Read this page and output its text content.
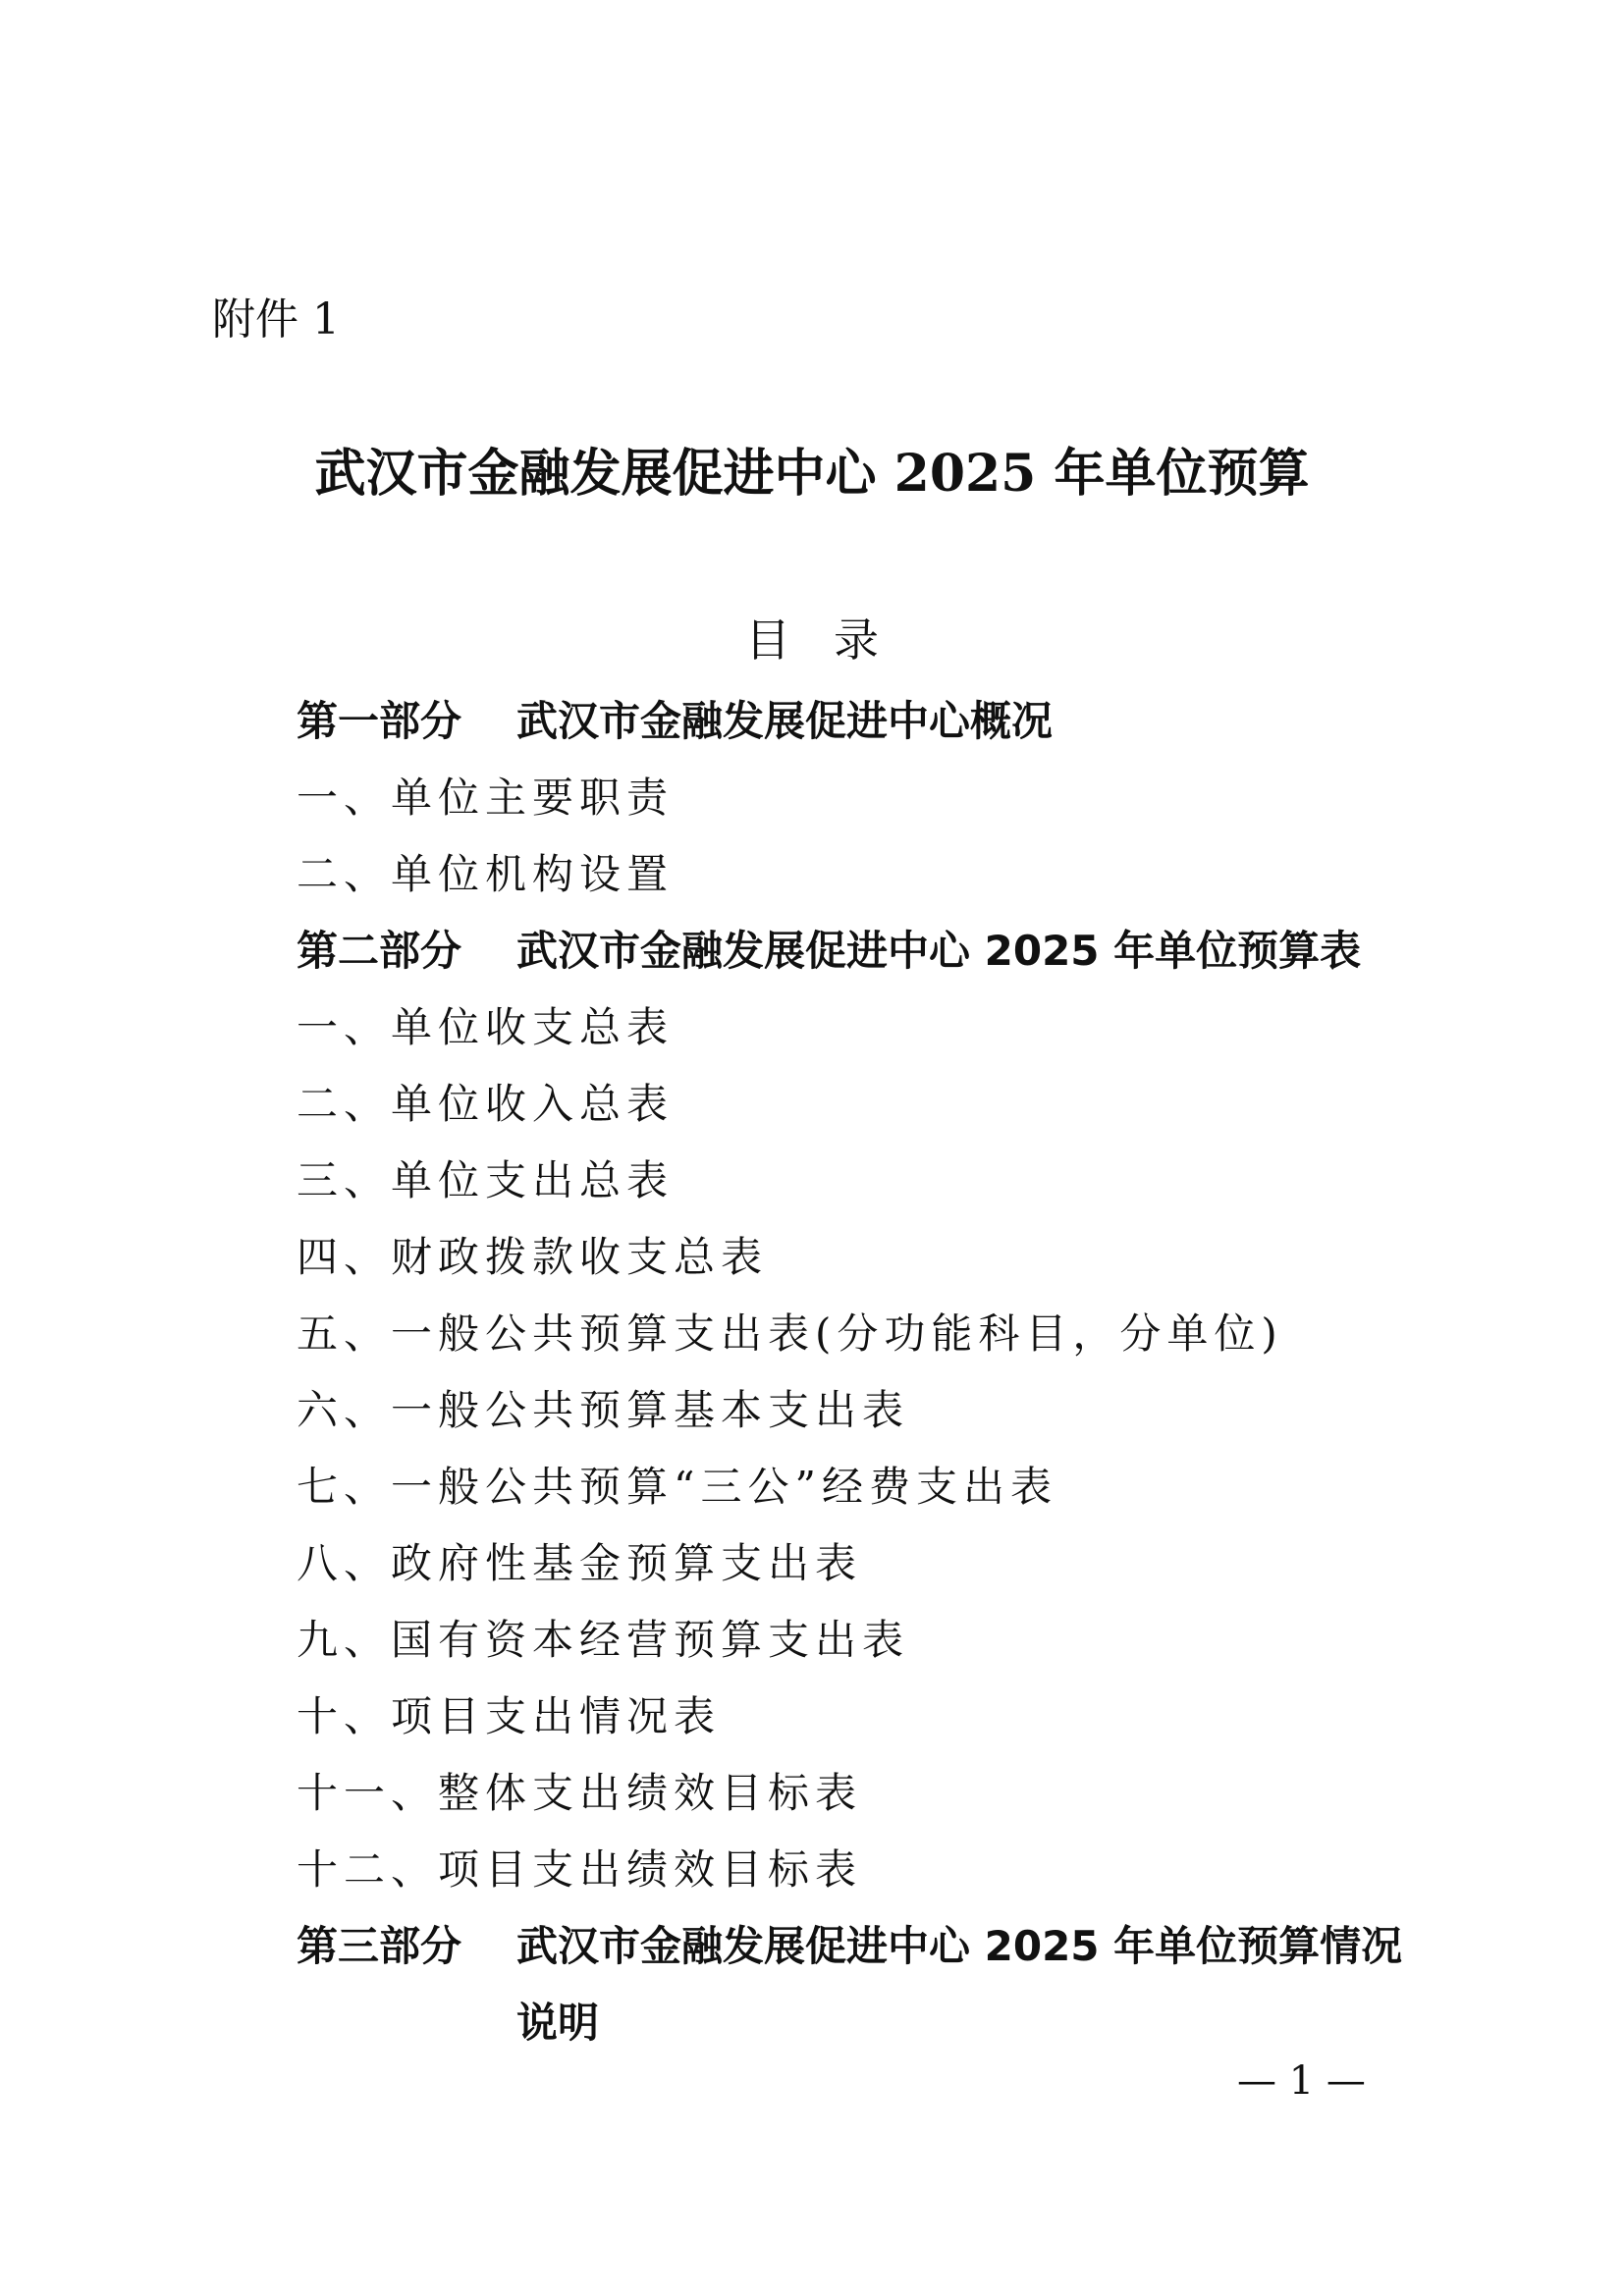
附件 1
武汉市金融发展促进中心 2025 年单位预算
目录
第一部分	武汉市金融发展促进中心概况
一、单位主要职责
二、单位机构设置
第二部分	武汉市金融发展促进中心 2025 年单位预算表
一、单位收支总表
二、单位收入总表
三、单位支出总表
四、财政拨款收支总表
五、一般公共预算支出表(分功能科目，分单位)
六、一般公共预算基本支出表
七、一般公共预算“三公”经费支出表
八、政府性基金预算支出表
九、国有资本经营预算支出表
十、项目支出情况表
十一、整体支出绩效目标表
十二、项目支出绩效目标表
第三部分	武汉市金融发展促进中心 2025 年单位预算情况说明
— 1 —
